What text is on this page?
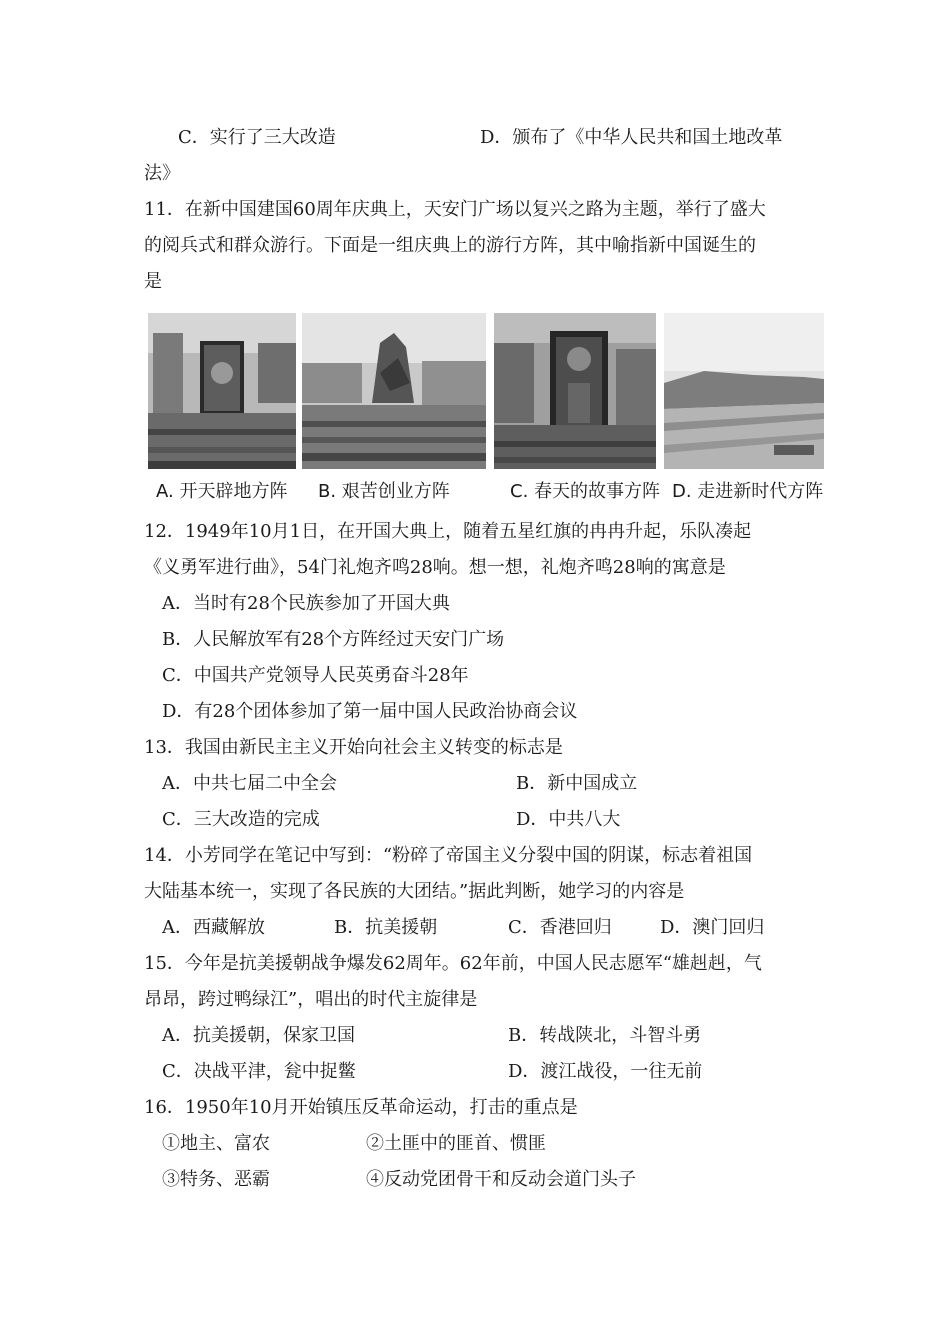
C．实行了三大改造	D．颁布了《中华人民共和国土地改革
法》
11．在新中国建国60周年庆典上，天安门广场以复兴之路为主题，举行了盛大
的阅兵式和群众游行。下面是一组庆典上的游行方阵，其中喻指新中国诞生的
是
A. 开天辟地方阵 B. 艰苦创业方阵	C. 春天的故事方阵 D. 走进新时代方阵
12．1949年10月1日，在开国大典上，随着五星红旗的冉冉升起，乐队凑起
《义勇军进行曲》，54门礼炮齐鸣28响。想一想，礼炮齐鸣28响的寓意是
A．当时有28个民族参加了开国大典
B．人民解放军有28个方阵经过天安门广场
C．中国共产党领导人民英勇奋斗28年
D．有28个团体参加了第一届中国人民政治协商会议
13．我国由新民主主义开始向社会主义转变的标志是
A．中共七届二中全会	B．新中国成立
C．三大改造的完成	D．中共八大
14．小芳同学在笔记中写到：“粉碎了帝国主义分裂中国的阴谋，标志着祖国
大陆基本统一，实现了各民族的大团结。”据此判断，她学习的内容是
A．西藏解放	B．抗美援朝	C．香港回归	D．澳门回归
15．今年是抗美援朝战争爆发62周年。62年前，中国人民志愿军“雄赳赳，气
昂昂，跨过鸭绿江”，唱出的时代主旋律是
A．抗美援朝，保家卫国	B．转战陕北，斗智斗勇
C．决战平津，瓮中捉鳖	D．渡江战役，一往无前
16．1950年10月开始镇压反革命运动，打击的重点是
①地主、富农	②土匪中的匪首、惯匪
③特务、恶霸	④反动党团骨干和反动会道门头子
